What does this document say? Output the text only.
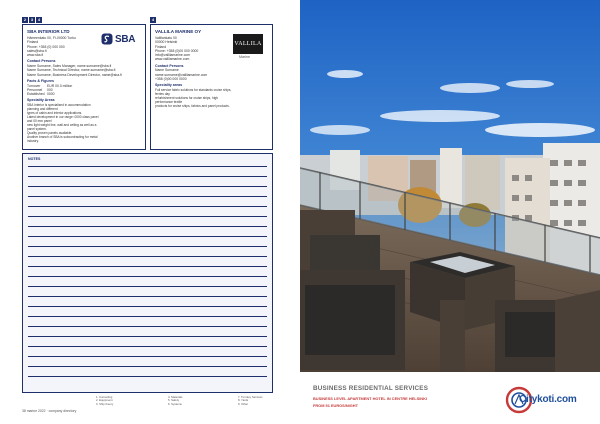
2	3	4
SBA INTERIOR LTD
SBA
Hämeenkatu 00, FI-00000 Turku
Finland
Phone: +358 (0) 000 000
sales@sba.fi
www.sba.fi
Contact Persons
Name Surname, Sales Manager, name.surname@sba.fi
Name Surname, Technical Director, name.surname@sba.fi
Name Surname, Business Development Director, name@sba.fi
Facts & Figures
Turnover	EUR 00.0 million
Personnel	000
Established 0000
Speciality Areas
SBA Interior is specialised in accommodation planning and different
types of cabin and interior applications.
Latest development in our range: 0000 class panel and 00 mm panel
new light weight line, wall and ceiling as well as a panel system.
Quality proven panels available.
Another branch of SBA is subcontracting for metal industry.
4
VALLILA MARINE OY
VALLILA
Marine
Vallilankatu 00
00000 Helsinki
Finland
Phone: +358 (0)00 000 0000
info@vallilamarine.com
www.vallilamarine.com
Contact Persons
Name Surname
name.surname@vallilamarine.com
+358 (0)00 000 0000
Speciality areas
Full service fabric solutions for standards cruise ships, ferries day
refurbishment solutions for cruise ships, high performance textile
products for cruise ships, fabrics and panel products.
NOTES
1. Consulting
2. Equipment
3. Ship theory
4. Materials
5. Safety
6. Systems
7. Turnkey Services
8. Yards
9. Other
38 marine 2022 · company directory
BUSINESS RESIDENTIAL SERVICES
BUSINESS LEVEL APARTMENT HOTEL IN CENTRE HELSINKI
FROM 51 EUROS/NIGHT
Citykoti.com
